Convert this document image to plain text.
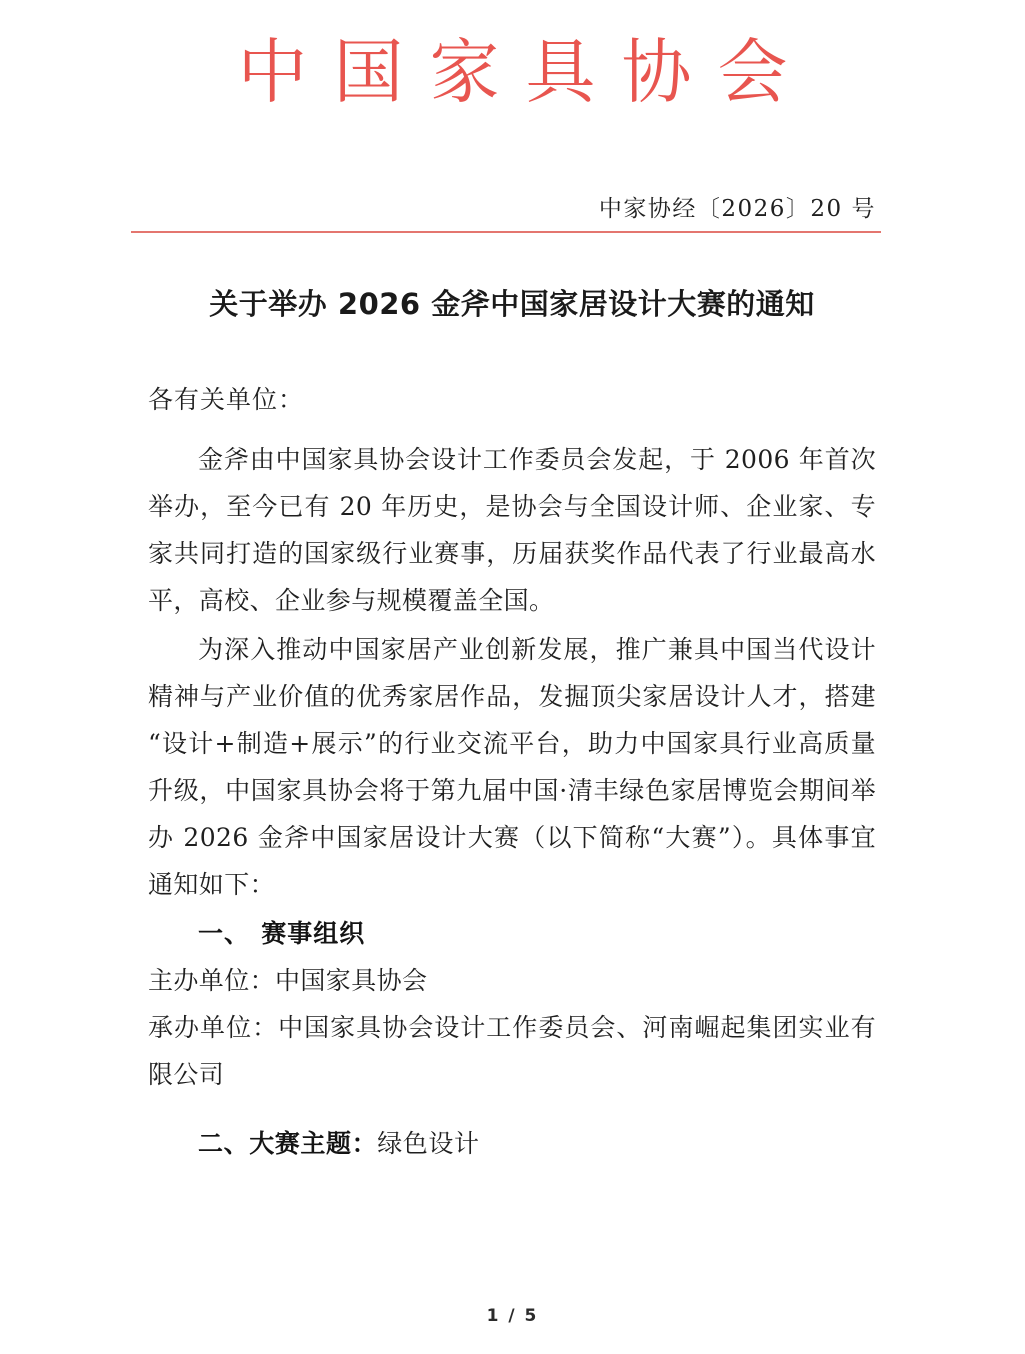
中国家具协会
中家协经〔2026〕20 号
关于举办 2026 金斧中国家居设计大赛的通知
各有关单位：

金斧由中国家具协会设计工作委员会发起，于 2006 年首次举办，至今已有 20 年历史，是协会与全国设计师、企业家、专家共同打造的国家级行业赛事，历届获奖作品代表了行业最高水平，高校、企业参与规模覆盖全国。

为深入推动中国家居产业创新发展，推广兼具中国当代设计精神与产业价值的优秀家居作品，发掘顶尖家居设计人才，搭建“设计+制造+展示”的行业交流平台，助力中国家具行业高质量升级，中国家具协会将于第九届中国·清丰绿色家居博览会期间举办 2026 金斧中国家居设计大赛（以下简称“大赛”）。具体事宜通知如下：

一、 赛事组织

主办单位：中国家具协会

承办单位：中国家具协会设计工作委员会、河南崛起集团实业有限公司

二、大赛主题：绿色设计
1 / 5
